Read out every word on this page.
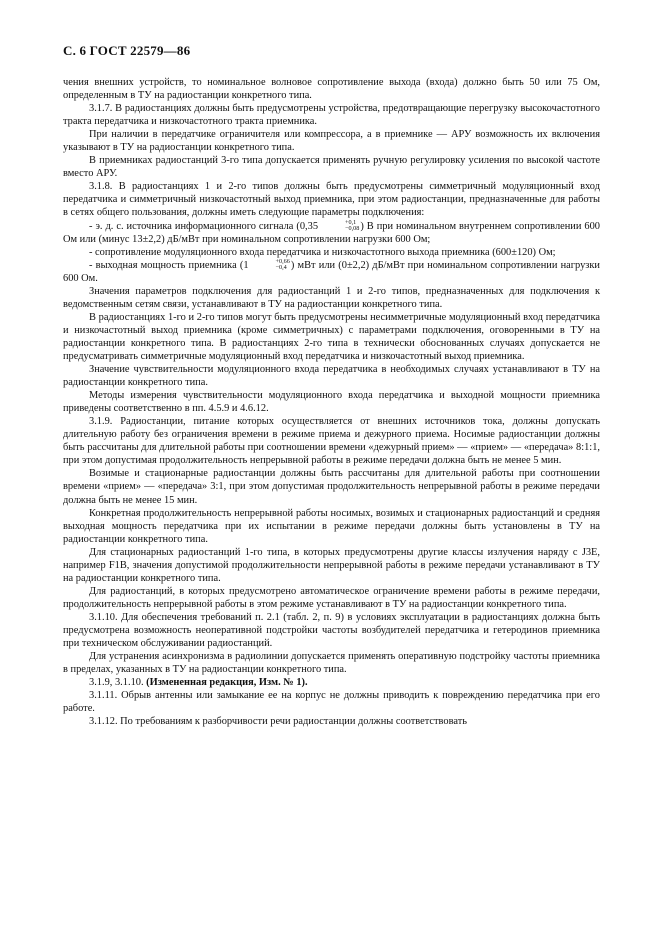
С. 6 ГОСТ 22579—86

чения внешних устройств, то номинальное волновое сопротивление выхода (входа) должно быть 50 или 75 Ом, определенным в ТУ на радиостанции конкретного типа.

3.1.7. В радиостанциях должны быть предусмотрены устройства, предотвращающие перегрузку высокочастотного тракта передатчика и низкочастотного тракта приемника.

При наличии в передатчике ограничителя или компрессора, а в приемнике — АРУ возможность их включения указывают в ТУ на радиостанции конкретного типа.

В приемниках радиостанций 3-го типа допускается применять ручную регулировку усиления по высокой частоте вместо АРУ.

3.1.8. В радиостанциях 1 и 2-го типов должны быть предусмотрены симметричный модуляционный вход передатчика и симметричный низкочастотный выход приемника, при этом радиостанции, предназначенные для работы в сетях общего пользования, должны иметь следующие параметры подключения:

- э. д. с. источника информационного сигнала (0,35	+0,1
−0,08 ) В при номинальном внутреннем сопротивлении 600 Ом или (минус 13±2,2) дБ/мВт при номинальном сопротивлении нагрузки 600 Ом;

- сопротивление модуляционного входа передатчика и низкочастотного выхода приемника (600±120) Ом;

- выходная мощность приемника (1	+0,66
−0,4 ) мВт или (0±2,2) дБ/мВт при номинальном сопротивлении нагрузки 600 Ом.

Значения параметров подключения для радиостанций 1 и 2-го типов, предназначенных для подключения к ведомственным сетям связи, устанавливают в ТУ на радиостанции конкретного типа.

В радиостанциях 1-го и 2-го типов могут быть предусмотрены несимметричные модуляционный вход передатчика и низкочастотный выход приемника (кроме симметричных) с параметрами подключения, оговоренными в ТУ на радиостанции конкретного типа. В радиостанциях 2-го типа в технически обоснованных случаях допускается не предусматривать симметричные модуляционный вход передатчика и низкочастотный выход приемника.

Значение чувствительности модуляционного входа передатчика в необходимых случаях устанавливают в ТУ на радиостанции конкретного типа.

Методы измерения чувствительности модуляционного входа передатчика и выходной мощности приемника приведены соответственно в пп. 4.5.9 и 4.6.12.

3.1.9. Радиостанции, питание которых осуществляется от внешних источников тока, должны допускать длительную работу без ограничения времени в режиме приема и дежурного приема. Носимые радиостанции должны быть рассчитаны для длительной работы при соотношении времени «дежурный прием» — «прием» — «передача» 8:1:1, при этом допустимая продолжительность непрерывной работы в режиме передачи должна быть не менее 5 мин.

Возимые и стационарные радиостанции должны быть рассчитаны для длительной работы при соотношении времени «прием» — «передача» 3:1, при этом допустимая продолжительность непрерывной работы в режиме передачи должна быть не менее 15 мин.

Конкретная продолжительность непрерывной работы носимых, возимых и стационарных радиостанций и средняя выходная мощность передатчика при их испытании в режиме передачи должны быть установлены в ТУ на радиостанции конкретного типа.

Для стационарных радиостанций 1-го типа, в которых предусмотрены другие классы излучения наряду с J3E, например F1B, значения допустимой продолжительности непрерывной работы в режиме передачи устанавливают в ТУ на радиостанции конкретного типа.

Для радиостанций, в которых предусмотрено автоматическое ограничение времени работы в режиме передачи, продолжительность непрерывной работы в этом режиме устанавливают в ТУ на радиостанции конкретного типа.

3.1.10. Для обеспечения требований п. 2.1 (табл. 2, п. 9) в условиях эксплуатации в радиостанциях должна быть предусмотрена возможность неоперативной подстройки частоты возбудителей передатчика и гетеродинов приемника при техническом обслуживании радиостанций.

Для устранения асинхронизма в радиолинии допускается применять оперативную подстройку частоты приемника в пределах, указанных в ТУ на радиостанции конкретного типа.

3.1.9, 3.1.10. (Измененная редакция, Изм. № 1).

3.1.11. Обрыв антенны или замыкание ее на корпус не должны приводить к повреждению передатчика при его работе.

3.1.12. По требованиям к разборчивости речи радиостанции должны соответствовать
